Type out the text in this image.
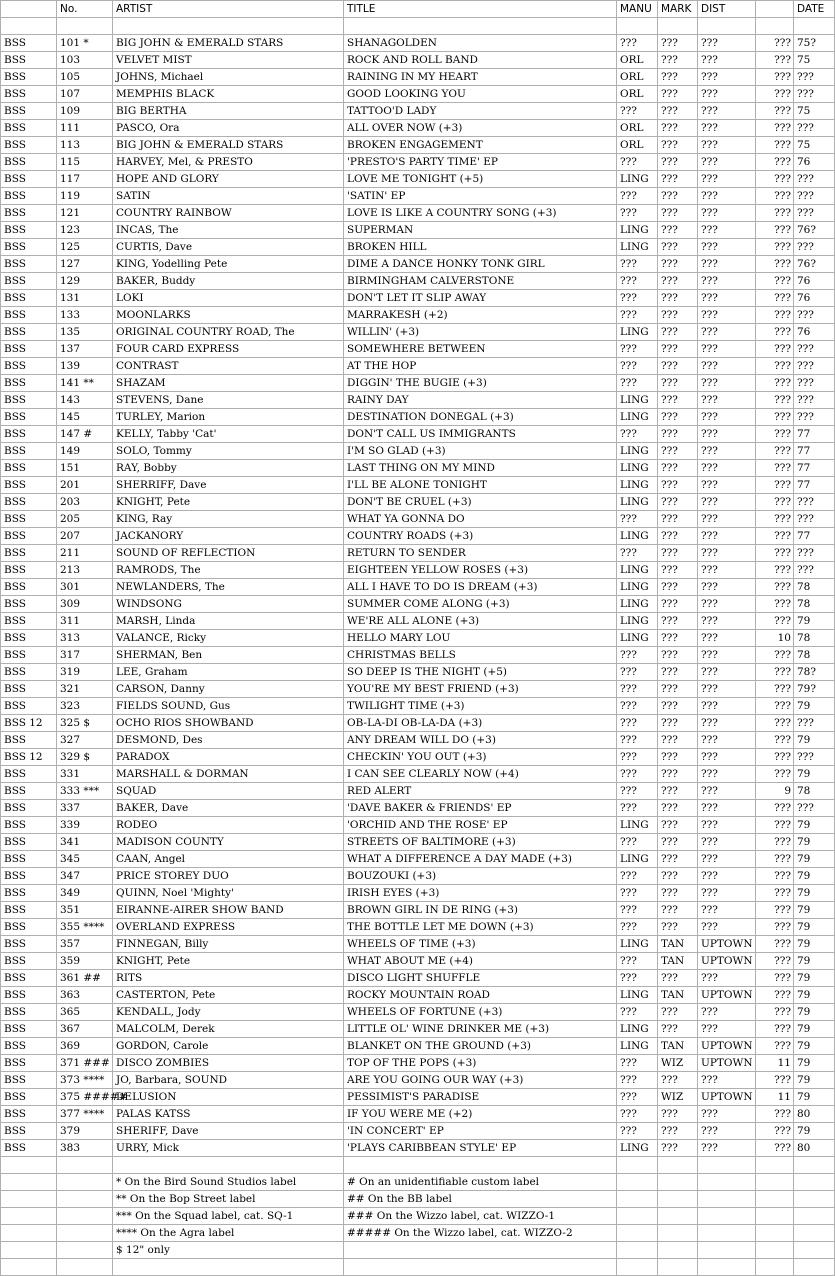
	No.	ARTIST	TITLE	MANU	MARK	DIST		DATE

BSS	101 *	BIG JOHN & EMERALD STARS	SHANAGOLDEN	???	???	???	???	75?
BSS	103	VELVET MIST	ROCK AND ROLL BAND	ORL	???	???	???	75
BSS	105	JOHNS, Michael	RAINING IN MY HEART	ORL	???	???	???	???
BSS	107	MEMPHIS BLACK	GOOD LOOKING YOU	ORL	???	???	???	???
BSS	109	BIG BERTHA	TATTOO'D LADY	???	???	???	???	75
BSS	111	PASCO, Ora	ALL OVER NOW (+3)	ORL	???	???	???	???
BSS	113	BIG JOHN & EMERALD STARS	BROKEN ENGAGEMENT	ORL	???	???	???	75
BSS	115	HARVEY, Mel, & PRESTO	'PRESTO'S PARTY TIME' EP	???	???	???	???	76
BSS	117	HOPE AND GLORY	LOVE ME TONIGHT (+5)	LING	???	???	???	???
BSS	119	SATIN	'SATIN' EP	???	???	???	???	???
BSS	121	COUNTRY RAINBOW	LOVE IS LIKE A COUNTRY SONG (+3)	???	???	???	???	???
BSS	123	INCAS, The	SUPERMAN	LING	???	???	???	76?
BSS	125	CURTIS, Dave	BROKEN HILL	LING	???	???	???	???
BSS	127	KING, Yodelling Pete	DIME A DANCE HONKY TONK GIRL	???	???	???	???	76?
BSS	129	BAKER, Buddy	BIRMINGHAM CALVERSTONE	???	???	???	???	76
BSS	131	LOKI	DON'T LET IT SLIP AWAY	???	???	???	???	76
BSS	133	MOONLARKS	MARRAKESH (+2)	???	???	???	???	???
BSS	135	ORIGINAL COUNTRY ROAD, The	WILLIN' (+3)	LING	???	???	???	76
BSS	137	FOUR CARD EXPRESS	SOMEWHERE BETWEEN	???	???	???	???	???
BSS	139	CONTRAST	AT THE HOP	???	???	???	???	???
BSS	141 **	SHAZAM	DIGGIN' THE BUGIE (+3)	???	???	???	???	???
BSS	143	STEVENS, Dane	RAINY DAY	LING	???	???	???	???
BSS	145	TURLEY, Marion	DESTINATION DONEGAL (+3)	LING	???	???	???	???
BSS	147 #	KELLY, Tabby 'Cat'	DON'T CALL US IMMIGRANTS	???	???	???	???	77
BSS	149	SOLO, Tommy	I'M SO GLAD (+3)	LING	???	???	???	77
BSS	151	RAY, Bobby	LAST THING ON MY MIND	LING	???	???	???	77
BSS	201	SHERRIFF, Dave	I'LL BE ALONE TONIGHT	LING	???	???	???	77
BSS	203	KNIGHT, Pete	DON'T BE CRUEL (+3)	LING	???	???	???	???
BSS	205	KING, Ray	WHAT YA GONNA DO	???	???	???	???	???
BSS	207	JACKANORY	COUNTRY ROADS (+3)	LING	???	???	???	77
BSS	211	SOUND OF REFLECTION	RETURN TO SENDER	???	???	???	???	???
BSS	213	RAMRODS, The	EIGHTEEN YELLOW ROSES (+3)	LING	???	???	???	???
BSS	301	NEWLANDERS, The	ALL I HAVE TO DO IS DREAM (+3)	LING	???	???	???	78
BSS	309	WINDSONG	SUMMER COME ALONG (+3)	LING	???	???	???	78
BSS	311	MARSH, Linda	WE'RE ALL ALONE (+3)	LING	???	???	???	79
BSS	313	VALANCE, Ricky	HELLO MARY LOU	LING	???	???	10	78
BSS	317	SHERMAN, Ben	CHRISTMAS BELLS	???	???	???	???	78
BSS	319	LEE, Graham	SO DEEP IS THE NIGHT (+5)	???	???	???	???	78?
BSS	321	CARSON, Danny	YOU'RE MY BEST FRIEND (+3)	???	???	???	???	79?
BSS	323	FIELDS SOUND, Gus	TWILIGHT TIME (+3)	???	???	???	???	79
BSS 12	325 $	OCHO RIOS SHOWBAND	OB-LA-DI OB-LA-DA (+3)	???	???	???	???	???
BSS	327	DESMOND, Des	ANY DREAM WILL DO (+3)	???	???	???	???	79
BSS 12	329 $	PARADOX	CHECKIN' YOU OUT (+3)	???	???	???	???	???
BSS	331	MARSHALL & DORMAN	I CAN SEE CLEARLY NOW (+4)	???	???	???	???	79
BSS	333 ***	SQUAD	RED ALERT	???	???	???	9	78
BSS	337	BAKER, Dave	'DAVE BAKER & FRIENDS' EP	???	???	???	???	???
BSS	339	RODEO	'ORCHID AND THE ROSE' EP	LING	???	???	???	79
BSS	341	MADISON COUNTY	STREETS OF BALTIMORE (+3)	???	???	???	???	79
BSS	345	CAAN, Angel	WHAT A DIFFERENCE A DAY MADE (+3)	LING	???	???	???	79
BSS	347	PRICE STOREY DUO	BOUZOUKI (+3)	???	???	???	???	79
BSS	349	QUINN, Noel 'Mighty'	IRISH EYES (+3)	???	???	???	???	79
BSS	351	EIRANNE-AIRER SHOW BAND	BROWN GIRL IN DE RING (+3)	???	???	???	???	79
BSS	355 ****	OVERLAND EXPRESS	THE BOTTLE LET ME DOWN (+3)	???	???	???	???	79
BSS	357	FINNEGAN, Billy	WHEELS OF TIME (+3)	LING	TAN	UPTOWN	???	79
BSS	359	KNIGHT, Pete	WHAT ABOUT ME (+4)	???	TAN	UPTOWN	???	79
BSS	361 ##	RITS	DISCO LIGHT SHUFFLE	???	???	???	???	79
BSS	363	CASTERTON, Pete	ROCKY MOUNTAIN ROAD	LING	TAN	UPTOWN	???	79
BSS	365	KENDALL, Jody	WHEELS OF FORTUNE (+3)	???	???	???	???	79
BSS	367	MALCOLM, Derek	LITTLE OL' WINE DRINKER ME (+3)	LING	???	???	???	79
BSS	369	GORDON, Carole	BLANKET ON THE GROUND (+3)	LING	TAN	UPTOWN	???	79
BSS	371 ###	DISCO ZOMBIES	TOP OF THE POPS (+3)	???	WIZ	UPTOWN	11	79
BSS	373 ****	JO, Barbara, SOUND	ARE YOU GOING OUR WAY (+3)	???	???	???	???	79
BSS	375 #####	DELUSION	PESSIMIST'S PARADISE	???	WIZ	UPTOWN	11	79
BSS	377 ****	PALAS KATSS	IF YOU WERE ME (+2)	???	???	???	???	80
BSS	379	SHERIFF, Dave	'IN CONCERT' EP	???	???	???	???	79
BSS	383	URRY, Mick	'PLAYS CARIBBEAN STYLE' EP	LING	???	???	???	80

		* On the Bird Sound Studios label	# On an unidentifiable custom label					
		** On the Bop Street label	## On the BB label					
		*** On the Squad label, cat. SQ-1	### On the Wizzo label, cat. WIZZO-1					
		**** On the Agra label	##### On the Wizzo label, cat. WIZZO-2					
		$ 12" only						
